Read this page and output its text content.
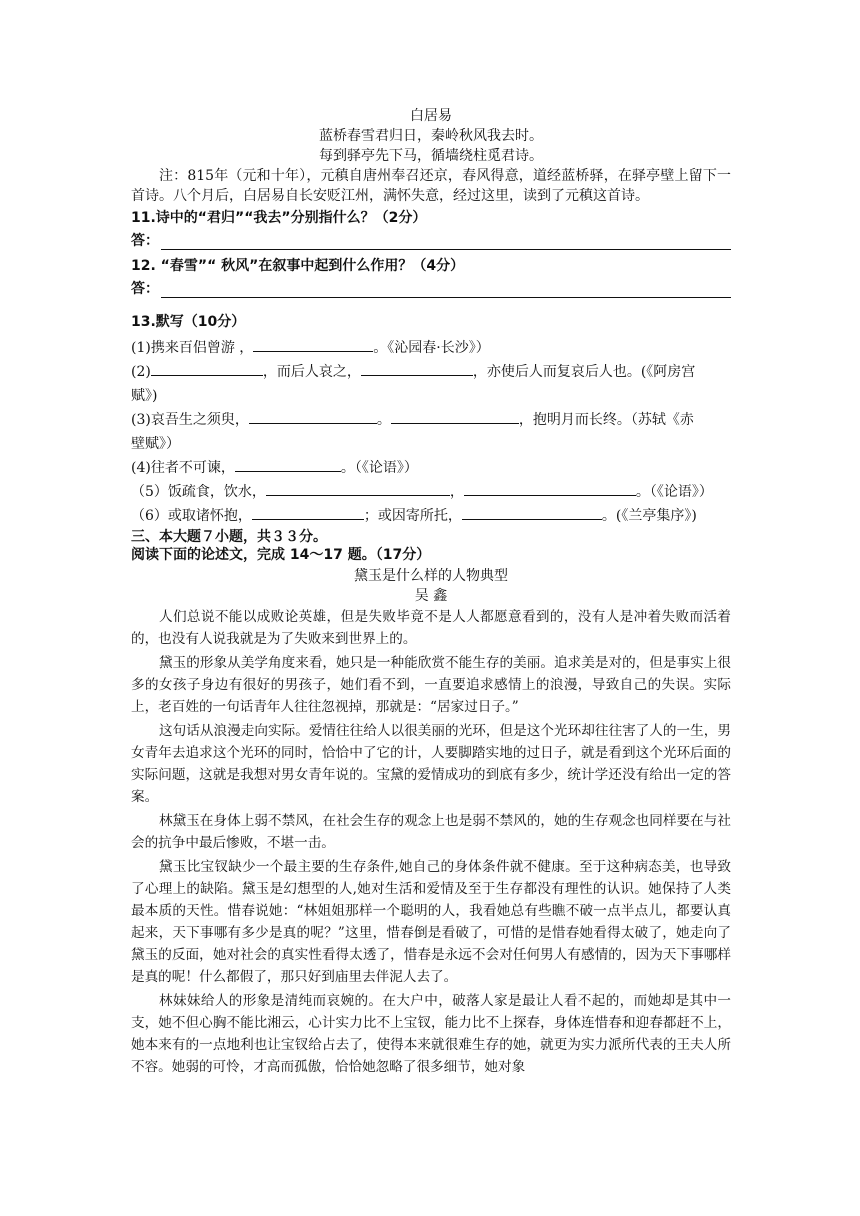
白居易
蓝桥春雪君归日，秦岭秋风我去时。
每到驿亭先下马，循墙绕柱觅君诗。
注：815年（元和十年），元稹自唐州奉召还京，春风得意，道经蓝桥驿，在驿亭壁上留下一首诗。八个月后，白居易自长安贬江州，满怀失意，经过这里，读到了元稹这首诗。
11.诗中的“君归”“我去”分别指什么？（2分）
答：
12. “春雪”“ 秋风”在叙事中起到什么作用？（4分）
答：
13.默写（10分）
(1)携来百侣曾游 ，	。《沁园春·长沙》）
(2)	，而后人哀之，	，亦使后人而复哀后人也。(《阿房宫
赋》)
(3)哀吾生之须臾，	。	，抱明月而长终。（苏轼《赤
壁赋》）
(4)往者不可谏，	。（《论语》）
（5）饭疏食，饮水，	，	。（《论语》）
（6）或取诸怀抱，	；或因寄所托，	。(《兰亭集序》)
三、本大题７小题，共３３分。
阅读下面的论述文，完成 14～17 题。（17分）
黛玉是什么样的人物典型
吴 鑫

人们总说不能以成败论英雄，但是失败毕竟不是人人都愿意看到的，没有人是冲着失败而活着的，也没有人说我就是为了失败来到世界上的。

黛玉的形象从美学角度来看，她只是一种能欣赏不能生存的美丽。追求美是对的，但是事实上很多的女孩子身边有很好的男孩子，她们看不到，一直要追求感情上的浪漫，导致自己的失误。实际上，老百姓的一句话青年人往往忽视掉，那就是：“居家过日子。”

这句话从浪漫走向实际。爱情往往给人以很美丽的光环，但是这个光环却往往害了人的一生，男女青年去追求这个光环的同时，恰恰中了它的计，人要脚踏实地的过日子，就是看到这个光环后面的实际问题，这就是我想对男女青年说的。宝黛的爱情成功的到底有多少，统计学还没有给出一定的答案。

林黛玉在身体上弱不禁风，在社会生存的观念上也是弱不禁风的，她的生存观念也同样要在与社会的抗争中最后惨败，不堪一击。

黛玉比宝钗缺少一个最主要的生存条件,她自己的身体条件就不健康。至于这种病态美，也导致了心理上的缺陷。黛玉是幻想型的人,她对生活和爱情及至于生存都没有理性的认识。她保持了人类最本质的天性。惜春说她：“林姐姐那样一个聪明的人，我看她总有些瞧不破一点半点儿，都要认真起来，天下事哪有多少是真的呢？”这里，惜春倒是看破了，可惜的是惜春她看得太破了，她走向了黛玉的反面，她对社会的真实性看得太透了，惜春是永远不会对任何男人有感情的，因为天下事哪样是真的呢！什么都假了，那只好到庙里去伴泥人去了。

林妹妹给人的形象是清纯而哀婉的。在大户中，破落人家是最让人看不起的，而她却是其中一支，她不但心胸不能比湘云，心计实力比不上宝钗，能力比不上探春，身体连惜春和迎春都赶不上，她本来有的一点地利也让宝钗给占去了，使得本来就很难生存的她，就更为实力派所代表的王夫人所不容。她弱的可怜，才高而孤傲，恰恰她忽略了很多细节，她对象
